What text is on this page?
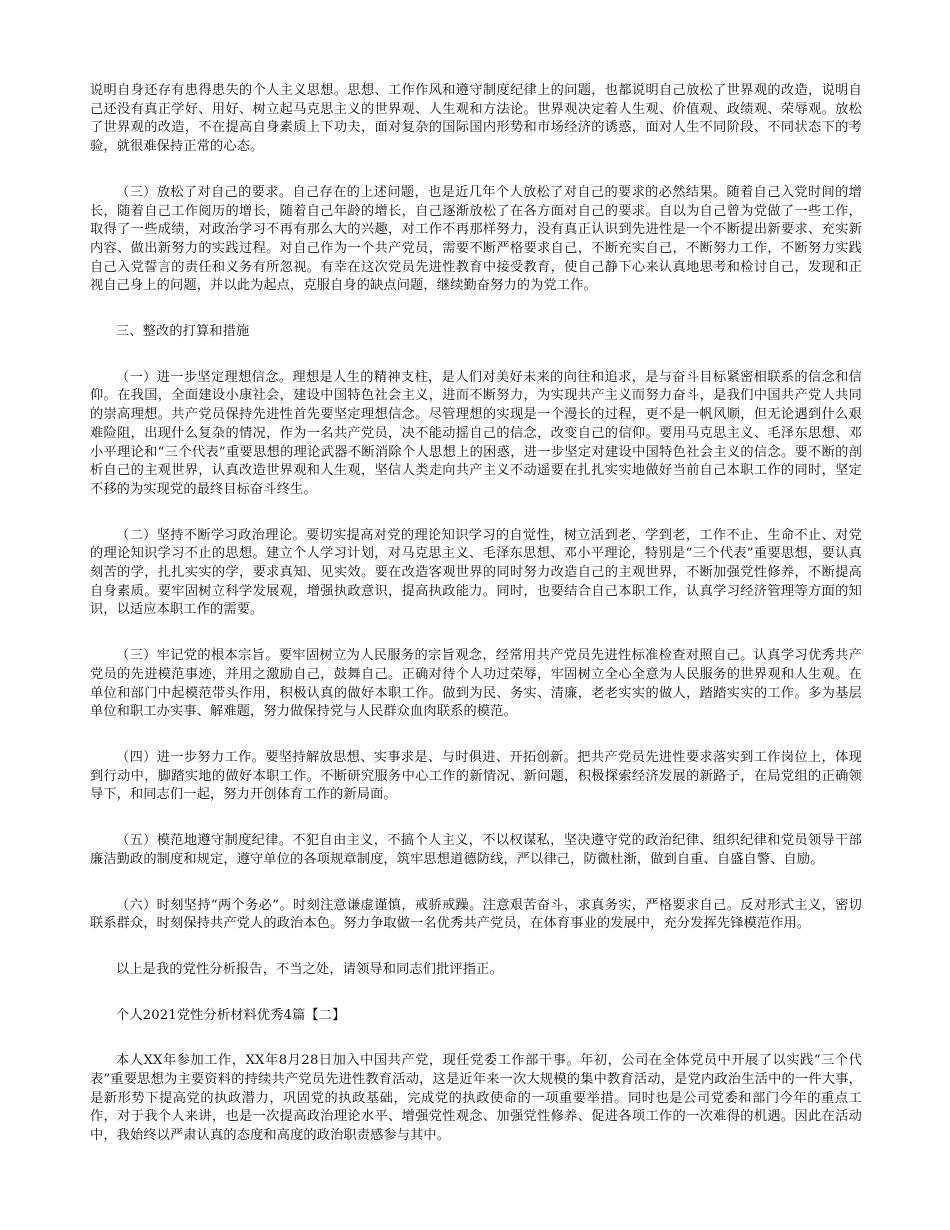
说明自身还存有患得患失的个人主义思想。思想、工作作风和遵守制度纪律上的问题，也都说明自己放松了世界观的改造，说明自己还没有真正学好、用好、树立起马克思主义的世界观、人生观和方法论。世界观决定着人生观、价值观、政绩观、荣辱观。放松了世界观的改造，不在提高自身素质上下功夫，面对复杂的国际国内形势和市场经济的诱惑，面对人生不同阶段、不同状态下的考验，就很难保持正常的心态。

（三）放松了对自己的要求。自己存在的上述问题，也是近几年个人放松了对自己的要求的必然结果。随着自己入党时间的增长，随着自己工作阅历的增长，随着自己年龄的增长，自己逐渐放松了在各方面对自己的要求。自以为自己曾为党做了一些工作，取得了一些成绩，对政治学习不再有那么大的兴趣，对工作不再那样努力，没有真正认识到先进性是一个不断提出新要求、充实新内容、做出新努力的实践过程。对自己作为一个共产党员，需要不断严格要求自己，不断充实自己，不断努力工作，不断努力实践自己入党誓言的责任和义务有所忽视。有幸在这次党员先进性教育中接受教育，使自己静下心来认真地思考和检讨自己，发现和正视自己身上的问题，并以此为起点，克服自身的缺点问题，继续勤奋努力的为党工作。

三、整改的打算和措施

（一）进一步坚定理想信念。理想是人生的精神支柱，是人们对美好未来的向往和追求，是与奋斗目标紧密相联系的信念和信仰。在我国，全面建设小康社会，建设中国特色社会主义，进而不断努力，为实现共产主义而努力奋斗，是我们中国共产党人共同的崇高理想。共产党员保持先进性首先要坚定理想信念。尽管理想的实现是一个漫长的过程，更不是一帆风顺，但无论遇到什么艰难险阻，出现什么复杂的情况，作为一名共产党员，决不能动摇自己的信念，改变自己的信仰。要用马克思主义、毛泽东思想、邓小平理论和“三个代表”重要思想的理论武器不断消除个人思想上的困惑，进一步坚定对建设中国特色社会主义的信念。要不断的剖析自己的主观世界，认真改造世界观和人生观，坚信人类走向共产主义不动遥要在扎扎实实地做好当前自己本职工作的同时，坚定不移的为实现党的最终目标奋斗终生。

（二）坚持不断学习政治理论。要切实提高对党的理论知识学习的自觉性，树立活到老、学到老，工作不止、生命不止、对党的理论知识学习不止的思想。建立个人学习计划，对马克思主义、毛泽东思想、邓小平理论，特别是“三个代表”重要思想，要认真刻苦的学，扎扎实实的学，要求真知、见实效。要在改造客观世界的同时努力改造自己的主观世界，不断加强党性修养，不断提高自身素质。要牢固树立科学发展观，增强执政意识，提高执政能力。同时，也要结合自己本职工作，认真学习经济管理等方面的知识，以适应本职工作的需要。

（三）牢记党的根本宗旨。要牢固树立为人民服务的宗旨观念，经常用共产党员先进性标准检查对照自己。认真学习优秀共产党员的先进模范事迹，并用之激励自己，鼓舞自己。正确对待个人功过荣辱，牢固树立全心全意为人民服务的世界观和人生观。在单位和部门中起模范带头作用，积极认真的做好本职工作。做到为民、务实、清廉，老老实实的做人，踏踏实实的工作。多为基层单位和职工办实事、解难题，努力做保持党与人民群众血肉联系的模范。

（四）进一步努力工作。要坚持解放思想、实事求是、与时俱进、开拓创新。把共产党员先进性要求落实到工作岗位上，体现到行动中，脚踏实地的做好本职工作。不断研究服务中心工作的新情况、新问题，积极探索经济发展的新路子，在局党组的正确领导下，和同志们一起，努力开创体育工作的新局面。

（五）模范地遵守制度纪律。不犯自由主义，不搞个人主义，不以权谋私，坚决遵守党的政治纪律、组织纪律和党员领导干部廉洁勤政的制度和规定，遵守单位的各项规章制度，筑牢思想道德防线，严以律己，防微杜渐，做到自重、自盛自警、自励。

（六）时刻坚持“两个务必”。时刻注意谦虚谨慎，戒骄戒躁。注意艰苦奋斗，求真务实，严格要求自己。反对形式主义，密切联系群众，时刻保持共产党人的政治本色。努力争取做一名优秀共产党员，在体育事业的发展中，充分发挥先锋模范作用。

以上是我的党性分析报告，不当之处，请领导和同志们批评指正。

个人2021党性分析材料优秀4篇【二】

本人XX年参加工作，XX年8月28日加入中国共产党，现任党委工作部干事。年初，公司在全体党员中开展了以实践“三个代表”重要思想为主要资料的持续共产党员先进性教育活动，这是近年来一次大规模的集中教育活动，是党内政治生活中的一件大事，是新形势下提高党的执政潜力，巩固党的执政基础，完成党的执政使命的一项重要举措。同时也是公司党委和部门今年的重点工作，对于我个人来讲，也是一次提高政治理论水平、增强党性观念、加强党性修养、促进各项工作的一次难得的机遇。因此在活动中，我始终以严肃认真的态度和高度的政治职责感参与其中。
